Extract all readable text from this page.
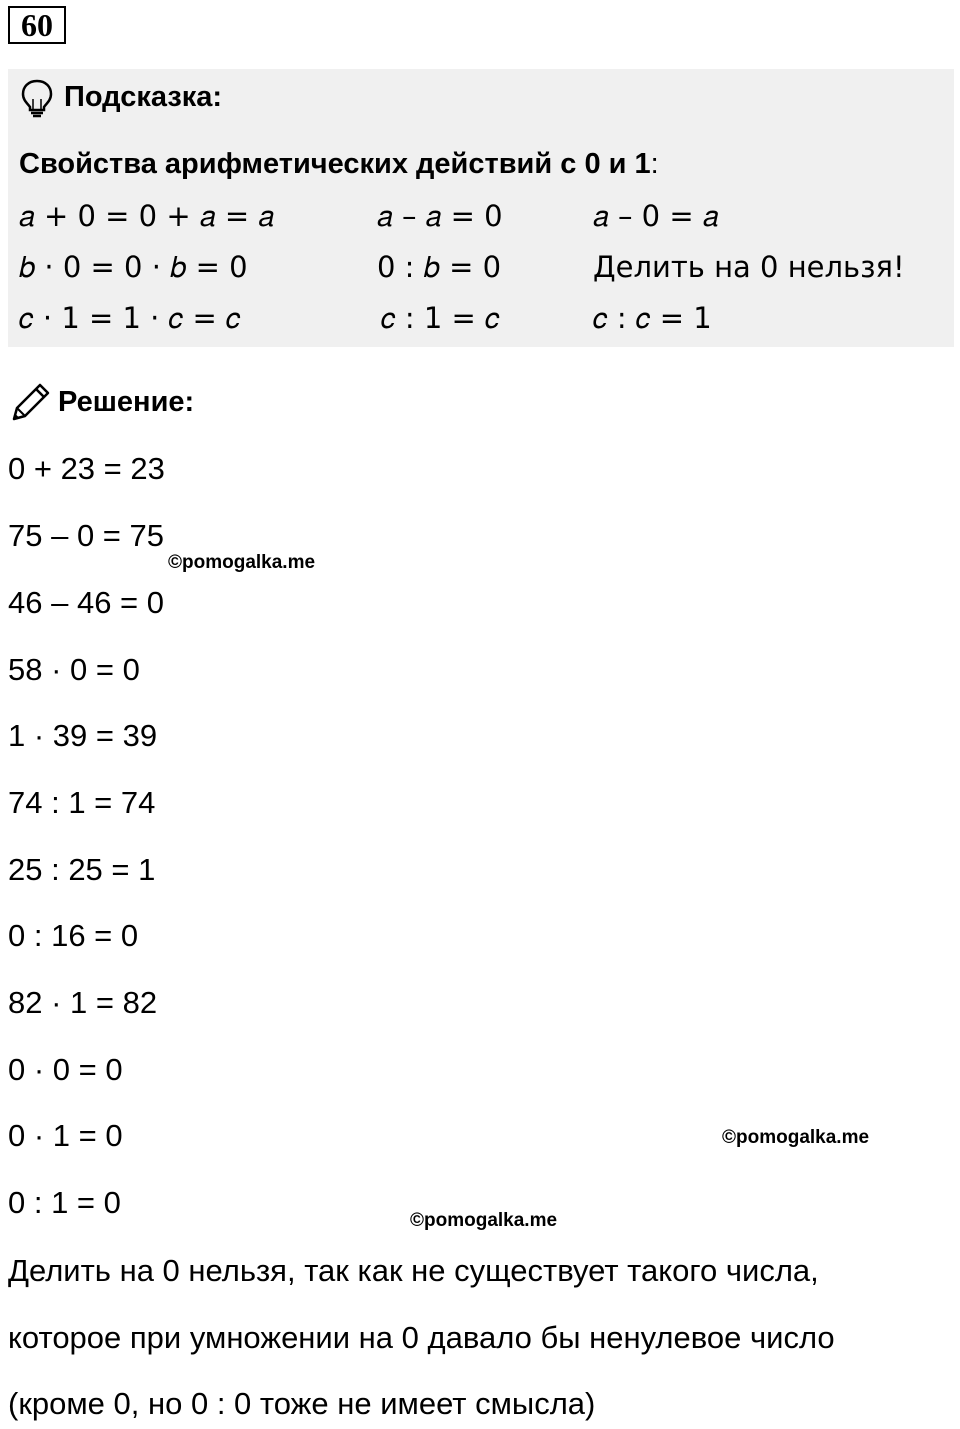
60
Подсказка:
Свойства арифметических действий с 0 и 1:
𝑎 + 0 = 0 + 𝑎 = 𝑎	𝑎 – 𝑎 = 0	𝑎 – 0 = 𝑎
𝑏 · 0 = 0 · 𝑏 = 0	0 : 𝑏 = 0	Делить на 0 нельзя!
𝑐 · 1 = 1 · 𝑐 = 𝑐	𝑐 : 1 = 𝑐	𝑐 : 𝑐 = 1
Решение:
0 + 23 = 23
75 – 0 = 75
46 – 46 = 0
58 · 0 = 0
1 · 39 = 39
74 : 1 = 74
25 : 25 = 1
0 : 16 = 0
82 · 1 = 82
0 · 0 = 0
0 · 1 = 0
0 : 1 = 0
Делить на 0 нельзя, так как не существует такого числа,
которое при умножении на 0 давало бы ненулевое число
(кроме 0, но 0 : 0 тоже не имеет смысла)
©pomogalka.me
©pomogalka.me
©pomogalka.me
